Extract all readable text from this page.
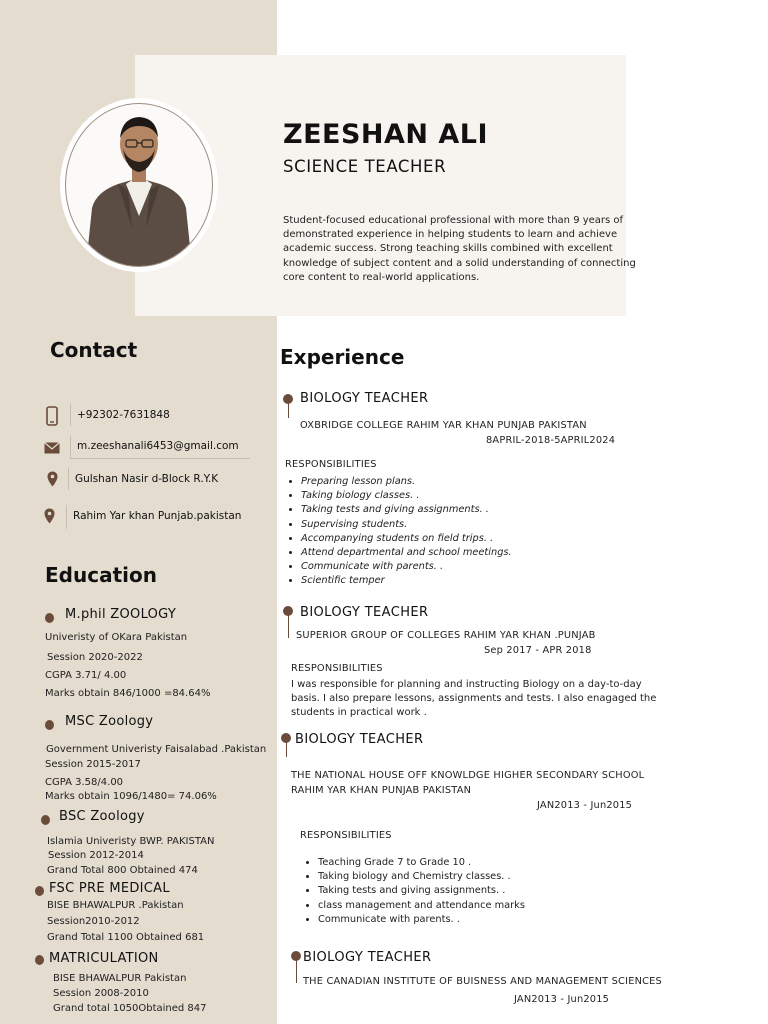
ZEESHAN ALI
SCIENCE TEACHER
Student-focused educational professional with more than 9 years of demonstrated experience in helping students to learn and achieve academic success. Strong teaching skills combined with excellent knowledge of subject content and a solid understanding of connecting core content to real-world applications.
Contact
+92302-7631848
m.zeeshanali6453@gmail.com
Gulshan Nasir d-Block R.Y.K
Rahim Yar khan Punjab.pakistan
Education
M.phil ZOOLOGY
Univeristy of OKara Pakistan
Session 2020-2022
CGPA 3.71/ 4.00
Marks obtain 846/1000 =84.64%
MSC Zoology
Government Univeristy Faisalabad .Pakistan
Session 2015-2017
CGPA 3.58/4.00
Marks obtain 1096/1480= 74.06%
BSC Zoology
Islamia Univeristy BWP. PAKISTAN
Session 2012-2014
Grand Total 800 Obtained 474
FSC PRE MEDICAL
BISE BHAWALPUR .Pakistan
Session2010-2012
Grand Total 1100 Obtained 681
MATRICULATION
BISE BHAWALPUR Pakistan
Session 2008-2010
Grand total 1050Obtained 847
Experience
BIOLOGY TEACHER
OXBRIDGE COLLEGE RAHIM YAR KHAN PUNJAB PAKISTAN
8APRIL-2018-5APRIL2024
RESPONSIBILITIES
• Preparing lesson plans.
• Taking biology classes. .
• Taking tests and giving assignments. .
• Supervising students.
• Accompanying students on field trips. .
• Attend departmental and school meetings.
• Communicate with parents. .
• Scientific temper
BIOLOGY TEACHER
SUPERIOR GROUP OF COLLEGES RAHIM YAR KHAN .PUNJAB
Sep 2017 - APR 2018
RESPONSIBILITIES
I was responsible for planning and instructing Biology on a day-to-day basis. I also prepare lessons, assignments and tests. I also enagaged the students in practical work .
BIOLOGY TEACHER
THE NATIONAL HOUSE OFF KNOWLDGE HIGHER SECONDARY SCHOOL
RAHIM YAR KHAN PUNJAB PAKISTAN
JAN2013 - Jun2015
RESPONSIBILITIES
• Teaching Grade 7 to Grade 10 .
• Taking biology and Chemistry classes. .
• Taking tests and giving assignments. .
• class management and attendance marks
• Communicate with parents. .
BIOLOGY TEACHER
THE CANADIAN INSTITUTE OF BUISNESS AND MANAGEMENT SCIENCES
JAN2013 - Jun2015
